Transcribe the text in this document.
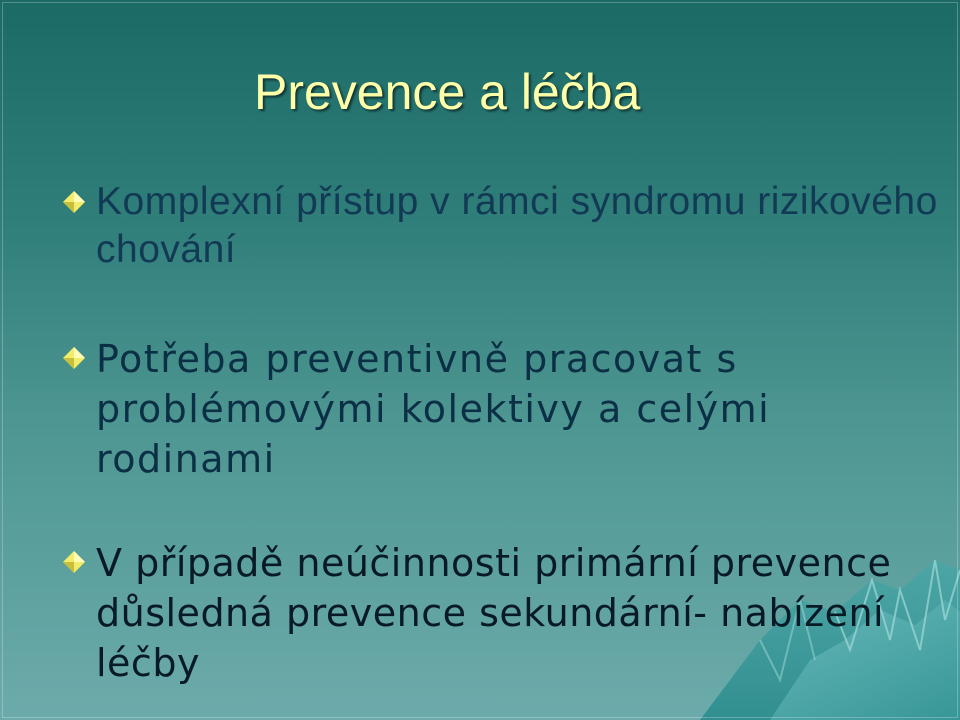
Prevence a léčba
Komplexní přístup v rámci syndromu rizikového chování
Potřeba preventivně pracovat s problémovými kolektivy a celými rodinami
V případě neúčinnosti primární prevence důsledná prevence sekundární- nabízení léčby
